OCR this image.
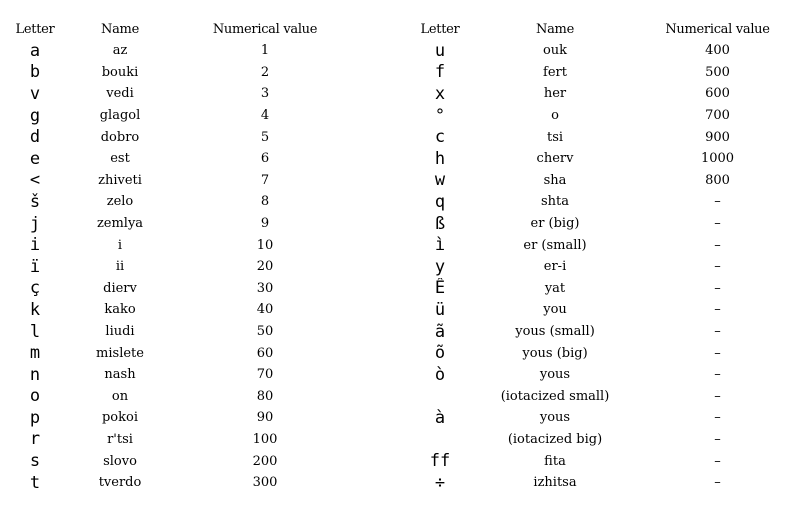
Letter	Name	Numerical value
a	az	1
b	bouki	2
v	vedi	3
g	glagol	4
d	dobro	5
e	est	6
<	zhiveti	7
š	zelo	8
j	zemlya	9
i	i	10
ï	ii	20
ç	dierv	30
k	kako	40
l	liudi	50
m	mislete	60
n	nash	70
o	on	80
p	pokoi	90
r	r'tsi	100
s	slovo	200
t	tverdo	300
Letter	Name	Numerical value
u	ouk	400
f	fert	500
x	her	600
°	o	700
c	tsi	900
h	cherv	1000
w	sha	800
q	shta	–
ß	er (big)	–
ì	er (small)	–
y	er-i	–
Ê	yat	–
ü	you	–
ã	yous (small)	–
õ	yous (big)	–
ò	yous	–
	(iotacized small)	–
à	yous	–
	(iotacized big)	–
ff	fita	–
÷	izhitsa	–
